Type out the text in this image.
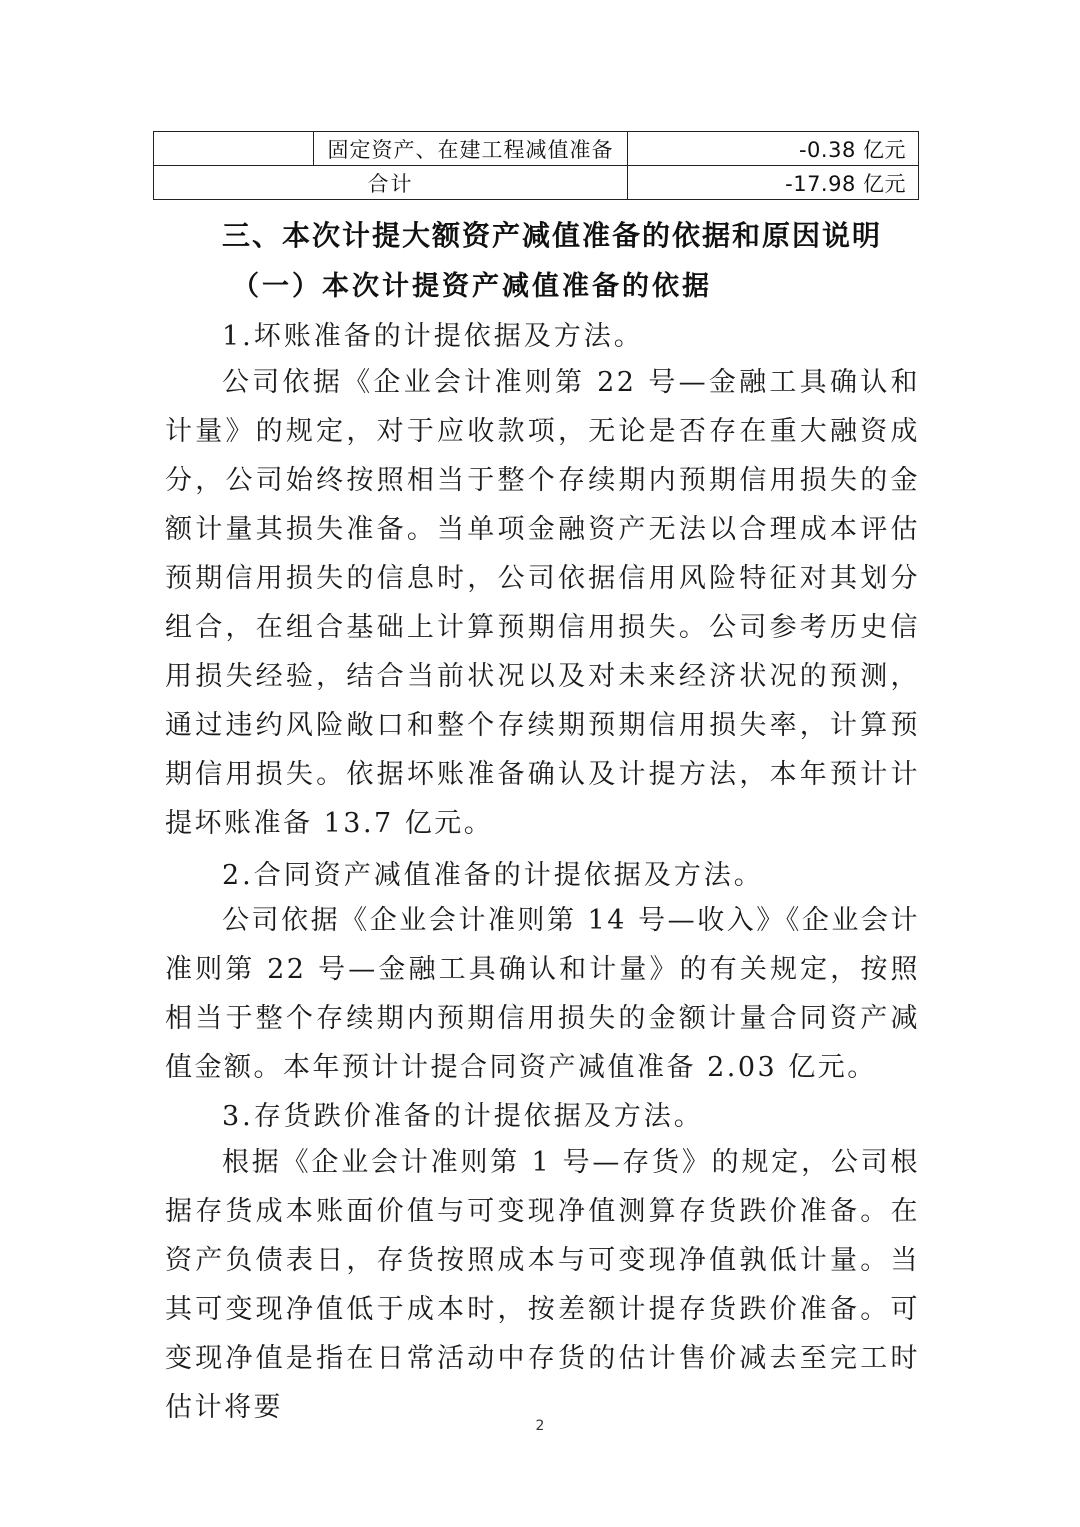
	固定资产、在建工程减值准备	-0.38 亿元
合计		-17.98 亿元
三、本次计提大额资产减值准备的依据和原因说明
（一）本次计提资产减值准备的依据

1.坏账准备的计提依据及方法。

公司依据《企业会计准则第 22 号—金融工具确认和计量》的规定，对于应收款项，无论是否存在重大融资成分，公司始终按照相当于整个存续期内预期信用损失的金额计量其损失准备。当单项金融资产无法以合理成本评估预期信用损失的信息时，公司依据信用风险特征对其划分组合，在组合基础上计算预期信用损失。公司参考历史信用损失经验，结合当前状况以及对未来经济状况的预测，通过违约风险敞口和整个存续期预期信用损失率，计算预期信用损失。依据坏账准备确认及计提方法，本年预计计提坏账准备 13.7 亿元。

2.合同资产减值准备的计提依据及方法。

公司依据《企业会计准则第 14 号—收入》《企业会计准则第 22 号—金融工具确认和计量》的有关规定，按照相当于整个存续期内预期信用损失的金额计量合同资产减值金额。本年预计计提合同资产减值准备 2.03 亿元。

3.存货跌价准备的计提依据及方法。

根据《企业会计准则第 1 号—存货》的规定，公司根据存货成本账面价值与可变现净值测算存货跌价准备。在资产负债表日，存货按照成本与可变现净值孰低计量。当其可变现净值低于成本时，按差额计提存货跌价准备。可变现净值是指在日常活动中存货的估计售价减去至完工时估计将要

2
